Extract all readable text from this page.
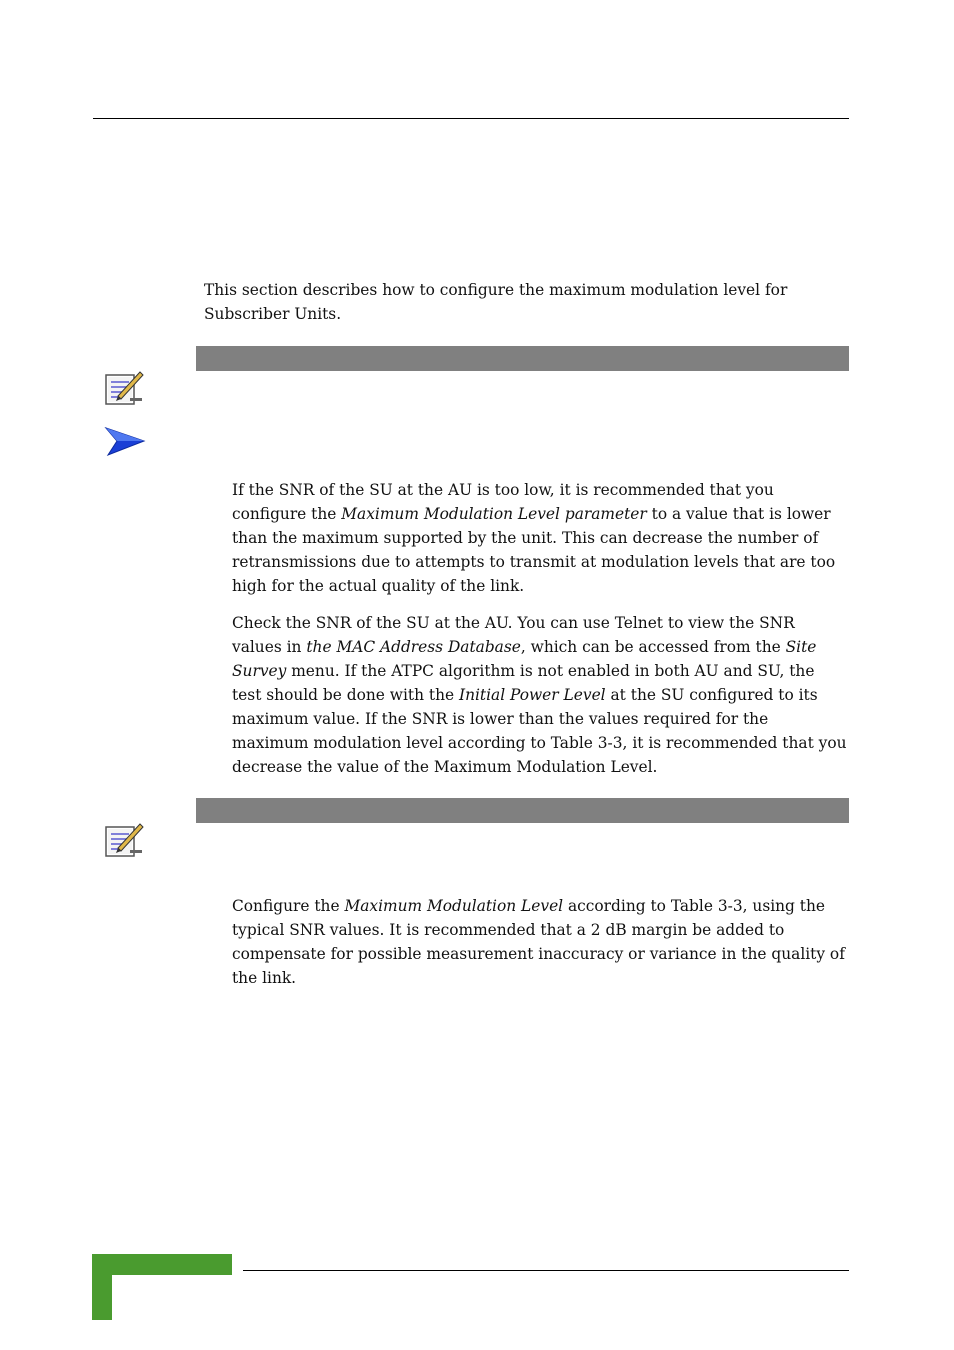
This section describes how to configure the maximum modulation level for Subscriber Units.

If the SNR of the SU at the AU is too low, it is recommended that you configure the Maximum Modulation Level parameter to a value that is lower than the maximum supported by the unit. This can decrease the number of retransmissions due to attempts to transmit at modulation levels that are too high for the actual quality of the link.

Check the SNR of the SU at the AU. You can use Telnet to view the SNR values in the MAC Address Database, which can be accessed from the Site Survey menu. If the ATPC algorithm is not enabled in both AU and SU, the test should be done with the Initial Power Level at the SU configured to its maximum value. If the SNR is lower than the values required for the maximum modulation level according to Table 3-3, it is recommended that you decrease the value of the Maximum Modulation Level.

Configure the Maximum Modulation Level according to Table 3-3, using the typical SNR values. It is recommended that a 2 dB margin be added to compensate for possible measurement inaccuracy or variance in the quality of the link.
